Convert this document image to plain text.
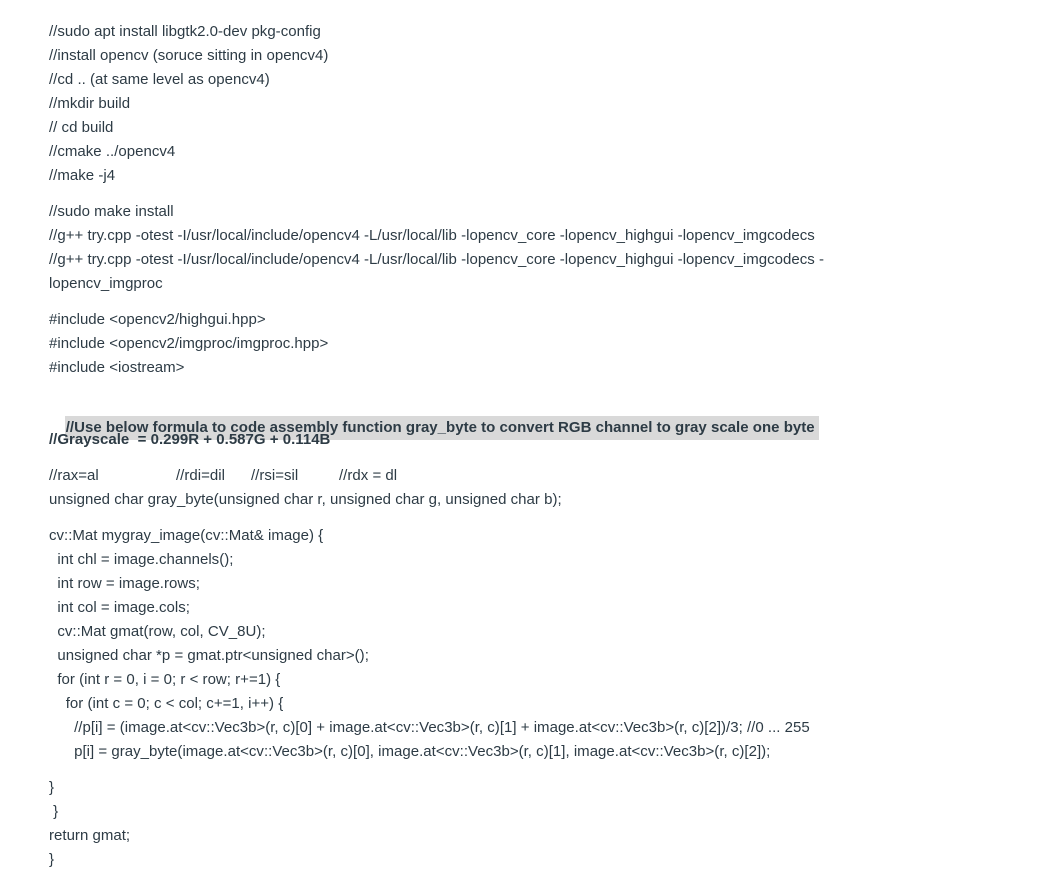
//sudo apt install libgtk2.0-dev pkg-config
//install opencv (soruce sitting in opencv4)
//cd .. (at same level as opencv4)
//mkdir build
// cd build
//cmake ../opencv4
//make -j4
//sudo make install
//g++ try.cpp -otest -I/usr/local/include/opencv4 -L/usr/local/lib -lopencv_core -lopencv_highgui -lopencv_imgcodecs
//g++ try.cpp -otest -I/usr/local/include/opencv4 -L/usr/local/lib -lopencv_core -lopencv_highgui -lopencv_imgcodecs -
lopencv_imgproc
#include <opencv2/highgui.hpp>
#include <opencv2/imgproc/imgproc.hpp>
#include <iostream>

//Use below formula to code assembly function gray_byte to convert RGB channel to gray scale one byte

//Grayscale  = 0.299R + 0.587G + 0.114B
//rax=al	//rdi=dil //rsi=sil	//rdx = dl
unsigned char gray_byte(unsigned char r, unsigned char g, unsigned char b);
cv::Mat mygray_image(cv::Mat& image) {
int chl = image.channels();
int row = image.rows;
int col = image.cols;
cv::Mat gmat(row, col, CV_8U);
unsigned char *p = gmat.ptr<unsigned char>();
for (int r = 0, i = 0; r < row; r+=1) {
for (int c = 0; c < col; c+=1, i++) {
//p[i] = (image.at<cv::Vec3b>(r, c)[0] + image.at<cv::Vec3b>(r, c)[1] + image.at<cv::Vec3b>(r, c)[2])/3; //0 ... 255
p[i] = gray_byte(image.at<cv::Vec3b>(r, c)[0], image.at<cv::Vec3b>(r, c)[1], image.at<cv::Vec3b>(r, c)[2]);
}
}
return gmat;
}
